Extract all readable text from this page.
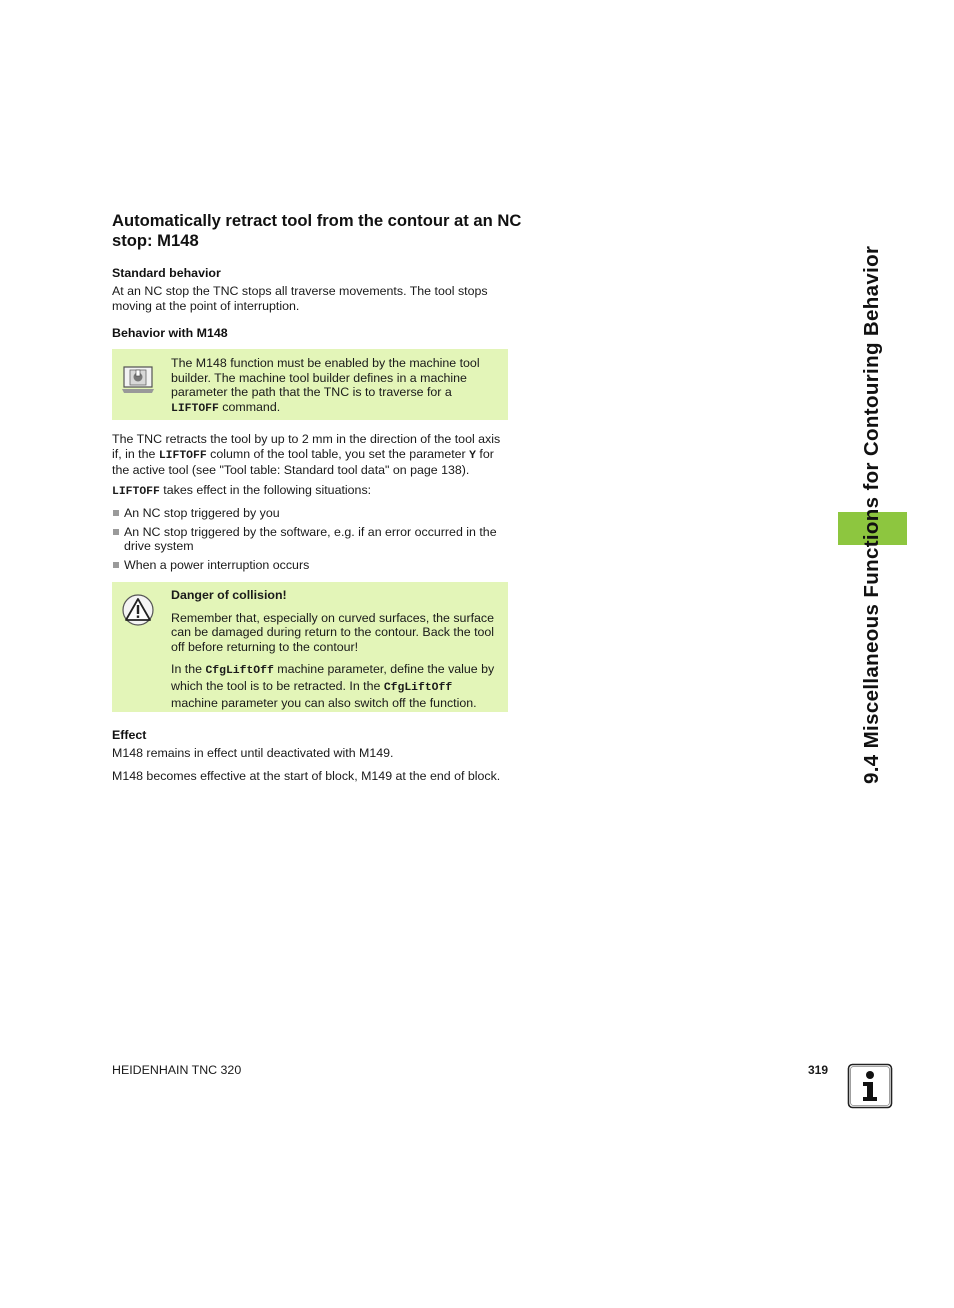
Automatically retract tool from the contour at an NC stop: M148
Standard behavior

At an NC stop the TNC stops all traverse movements. The tool stops moving at the point of interruption.

Behavior with M148
The M148 function must be enabled by the machine tool builder. The machine tool builder defines in a machine parameter the path that the TNC is to traverse for a LIFTOFF command.

The TNC retracts the tool by up to 2 mm in the direction of the tool axis if, in the LIFTOFF column of the tool table, you set the parameter Y for the active tool (see "Tool table: Standard tool data" on page 138).

LIFTOFF takes effect in the following situations:

An NC stop triggered by you
An NC stop triggered by the software, e.g. if an error occurred in the drive system
When a power interruption occurs
Danger of collision!
Remember that, especially on curved surfaces, the surface can be damaged during return to the contour. Back the tool off before returning to the contour!
In the CfgLiftOff machine parameter, define the value by which the tool is to be retracted. In the CfgLiftOff machine parameter you can also switch off the function.
Effect

M148 remains in effect until deactivated with M149.

M148 becomes effective at the start of block, M149 at the end of block.	9.4 Miscellaneous Functions for Contouring Behavior
HEIDENHAIN TNC 320	319
